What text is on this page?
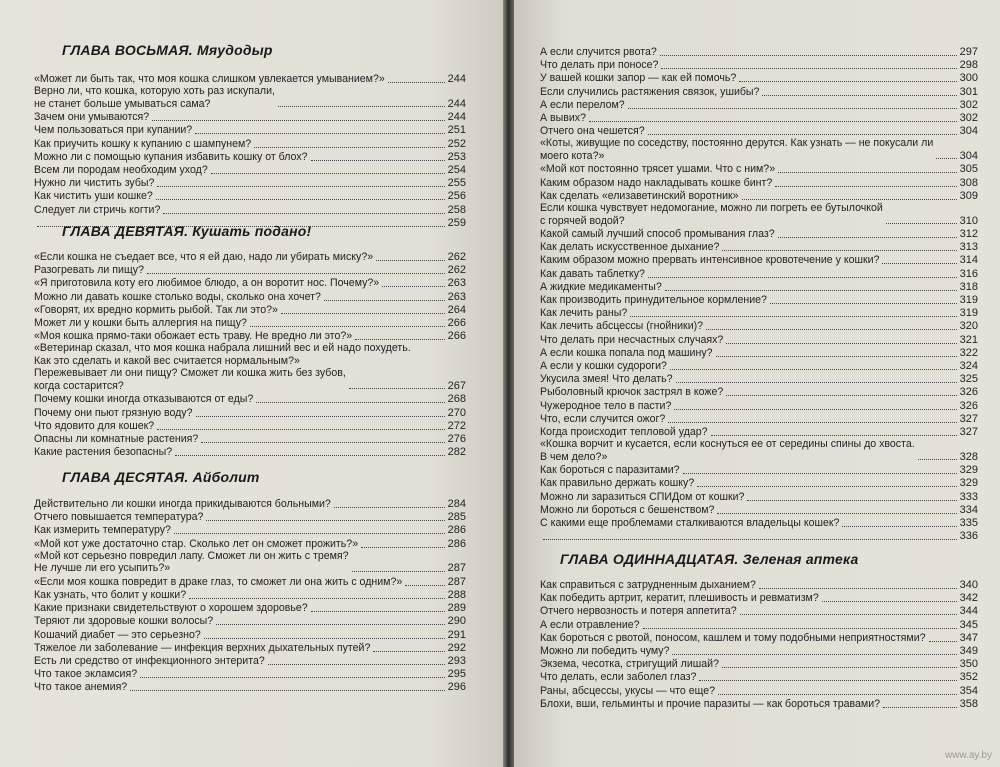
ГЛАВА ВОСЬМАЯ. Мяудодыр
«Может ли быть так, что моя кошка слишком увлекается умыванием?»	244
Верно ли, что кошка, которую хоть раз искупали,
не станет больше умываться сама?	244
Зачем они умываются?	244
Чем пользоваться при купании?	251
Как приучить кошку к купанию с шампунем?	252
Можно ли с помощью купания избавить кошку от блох?	253
Всем ли породам необходим уход?	254
Нужно ли чистить зубы?	255
Как чистить уши кошке?	256
Следует ли стричь когти?	258
259
ГЛАВА ДЕВЯТАЯ. Кушать подано!
«Если кошка не съедает все, что я ей даю, надо ли убирать миску?»	262
Разогревать ли пищу?	262
«Я приготовила коту его любимое блюдо, а он воротит нос. Почему?»	263
Можно ли давать кошке столько воды, сколько она хочет?	263
«Говорят, их вредно кормить рыбой. Так ли это?»	264
Может ли у кошки быть аллергия на пищу?	266
«Моя кошка прямо-таки обожает есть траву. Не вредно ли это?»	266
«Ветеринар сказал, что моя кошка набрала лишний вес и ей надо похудеть.
Как это сделать и какой вес считается нормальным?»
Пережевывает ли они пищу? Сможет ли кошка жить без зубов,
когда состарится?	267
Почему кошки иногда отказываются от еды?	268
Почему они пьют грязную воду?	270
Что ядовито для кошек?	272
Опасны ли комнатные растения?	276
Какие растения безопасны?	282
ГЛАВА ДЕСЯТАЯ. Айболит
Действительно ли кошки иногда прикидываются больными?	284
Отчего повышается температура?	285
Как измерить температуру?	286
«Мой кот уже достаточно стар. Сколько лет он сможет прожить?»	286
«Мой кот серьезно повредил лапу. Сможет ли он жить с тремя?
Не лучше ли его усыпить?»	287
«Если моя кошка повредит в драке глаз, то сможет ли она жить с одним?»	287
Как узнать, что болит у кошки?	288
Какие признаки свидетельствуют о хорошем здоровье?	289
Теряют ли здоровые кошки волосы?	290
Кошачий диабет — это серьезно?	291
Тяжелое ли заболевание — инфекция верхних дыхательных путей?	292
Есть ли средство от инфекционного энтерита?	293
Что такое экламсия?	295
Что такое анемия?	296
А если случится рвота?	297
Что делать при поносе?	298
У вашей кошки запор — как ей помочь?	300
Если случились растяжения связок, ушибы?	301
А если перелом?	302
А вывих?	302
Отчего она чешется?	304
«Коты, живущие по соседству, постоянно дерутся. Как узнать — не покусали ли
моего кота?»	304
«Мой кот постоянно трясет ушами. Что с ним?»	305
Каким образом надо накладывать кошке бинт?	308
Как сделать «елизаветинский воротник»	309
Если кошка чувствует недомогание, можно ли погреть ее бутылочкой
с горячей водой?	310
Какой самый лучший способ промывания глаз?	312
Как делать искусственное дыхание?	313
Каким образом можно прервать интенсивное кровотечение у кошки?	314
Как давать таблетку?	316
А жидкие медикаменты?	318
Как производить принудительное кормление?	319
Как лечить раны?	319
Как лечить абсцессы (гнойники)?	320
Что делать при несчастных случаях?	321
А если кошка попала под машину?	322
А если у кошки судороги?	324
Укусила змея! Что делать?	325
Рыболовный крючок застрял в коже?	326
Чужеродное тело в пасти?	326
Что, если случится ожог?	327
Когда происходит тепловой удар?	327
«Кошка ворчит и кусается, если коснуться ее от середины спины до хвоста.
В чем дело?»	328
Как бороться с паразитами?	329
Как правильно держать кошку?	329
Можно ли заразиться СПИДом от кошки?	333
Можно ли бороться с бешенством?	334
С какими еще проблемами сталкиваются владельцы кошек?	335
336
ГЛАВА ОДИННАДЦАТАЯ. Зеленая аптека
Как справиться с затрудненным дыханием?	340
Как победить артрит, кератит, плешивость и ревматизм?	342
Отчего нервозность и потеря аппетита?	344
А если отравление?	345
Как бороться с рвотой, поносом, кашлем и тому подобными неприятностями?	347
Можно ли победить чуму?	349
Экзема, чесотка, стригущий лишай?	350
Что делать, если заболел глаз?	352
Раны, абсцессы, укусы — что еще?	354
Блохи, вши, гельминты и прочие паразиты — как бороться травами?	358
www.ay.by
